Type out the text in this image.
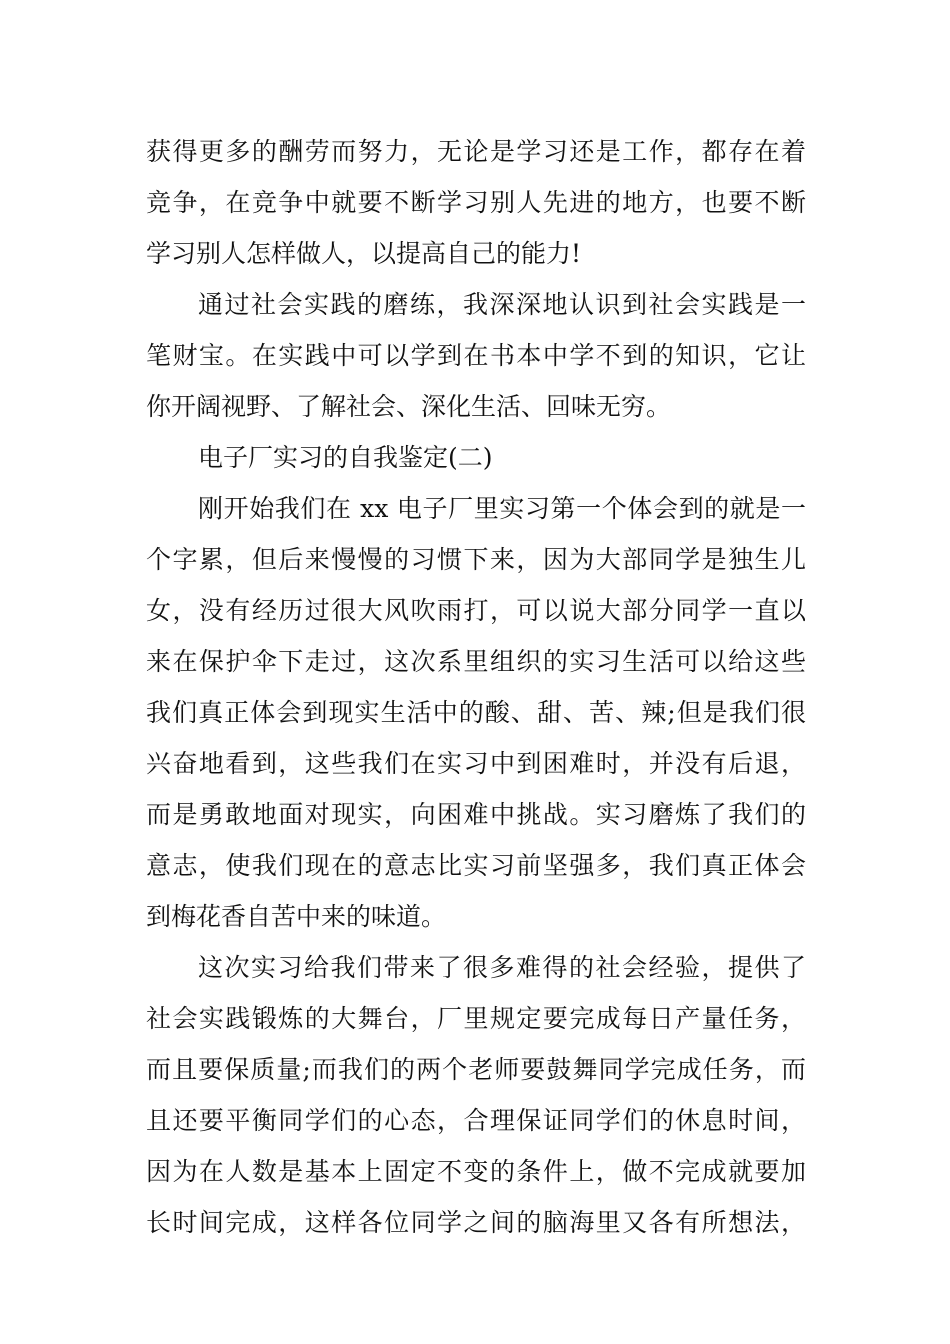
获得更多的酬劳而努力，无论是学习还是工作，都存在着
竞争，在竞争中就要不断学习别人先进的地方，也要不断
学习别人怎样做人，以提高自己的能力!
通过社会实践的磨练，我深深地认识到社会实践是一
笔财宝。在实践中可以学到在书本中学不到的知识，它让
你开阔视野、了解社会、深化生活、回味无穷。
电子厂实习的自我鉴定(二)
刚开始我们在 xx 电子厂里实习第一个体会到的就是一
个字累，但后来慢慢的习惯下来，因为大部同学是独生儿
女，没有经历过很大风吹雨打，可以说大部分同学一直以
来在保护伞下走过，这次系里组织的实习生活可以给这些
我们真正体会到现实生活中的酸、甜、苦、辣;但是我们很
兴奋地看到，这些我们在实习中到困难时，并没有后退，
而是勇敢地面对现实，向困难中挑战。实习磨炼了我们的
意志，使我们现在的意志比实习前坚强多，我们真正体会
到梅花香自苦中来的味道。
这次实习给我们带来了很多难得的社会经验，提供了
社会实践锻炼的大舞台，厂里规定要完成每日产量任务，
而且要保质量;而我们的两个老师要鼓舞同学完成任务，而
且还要平衡同学们的心态，合理保证同学们的休息时间，
因为在人数是基本上固定不变的条件上，做不完成就要加
长时间完成，这样各位同学之间的脑海里又各有所想法，
